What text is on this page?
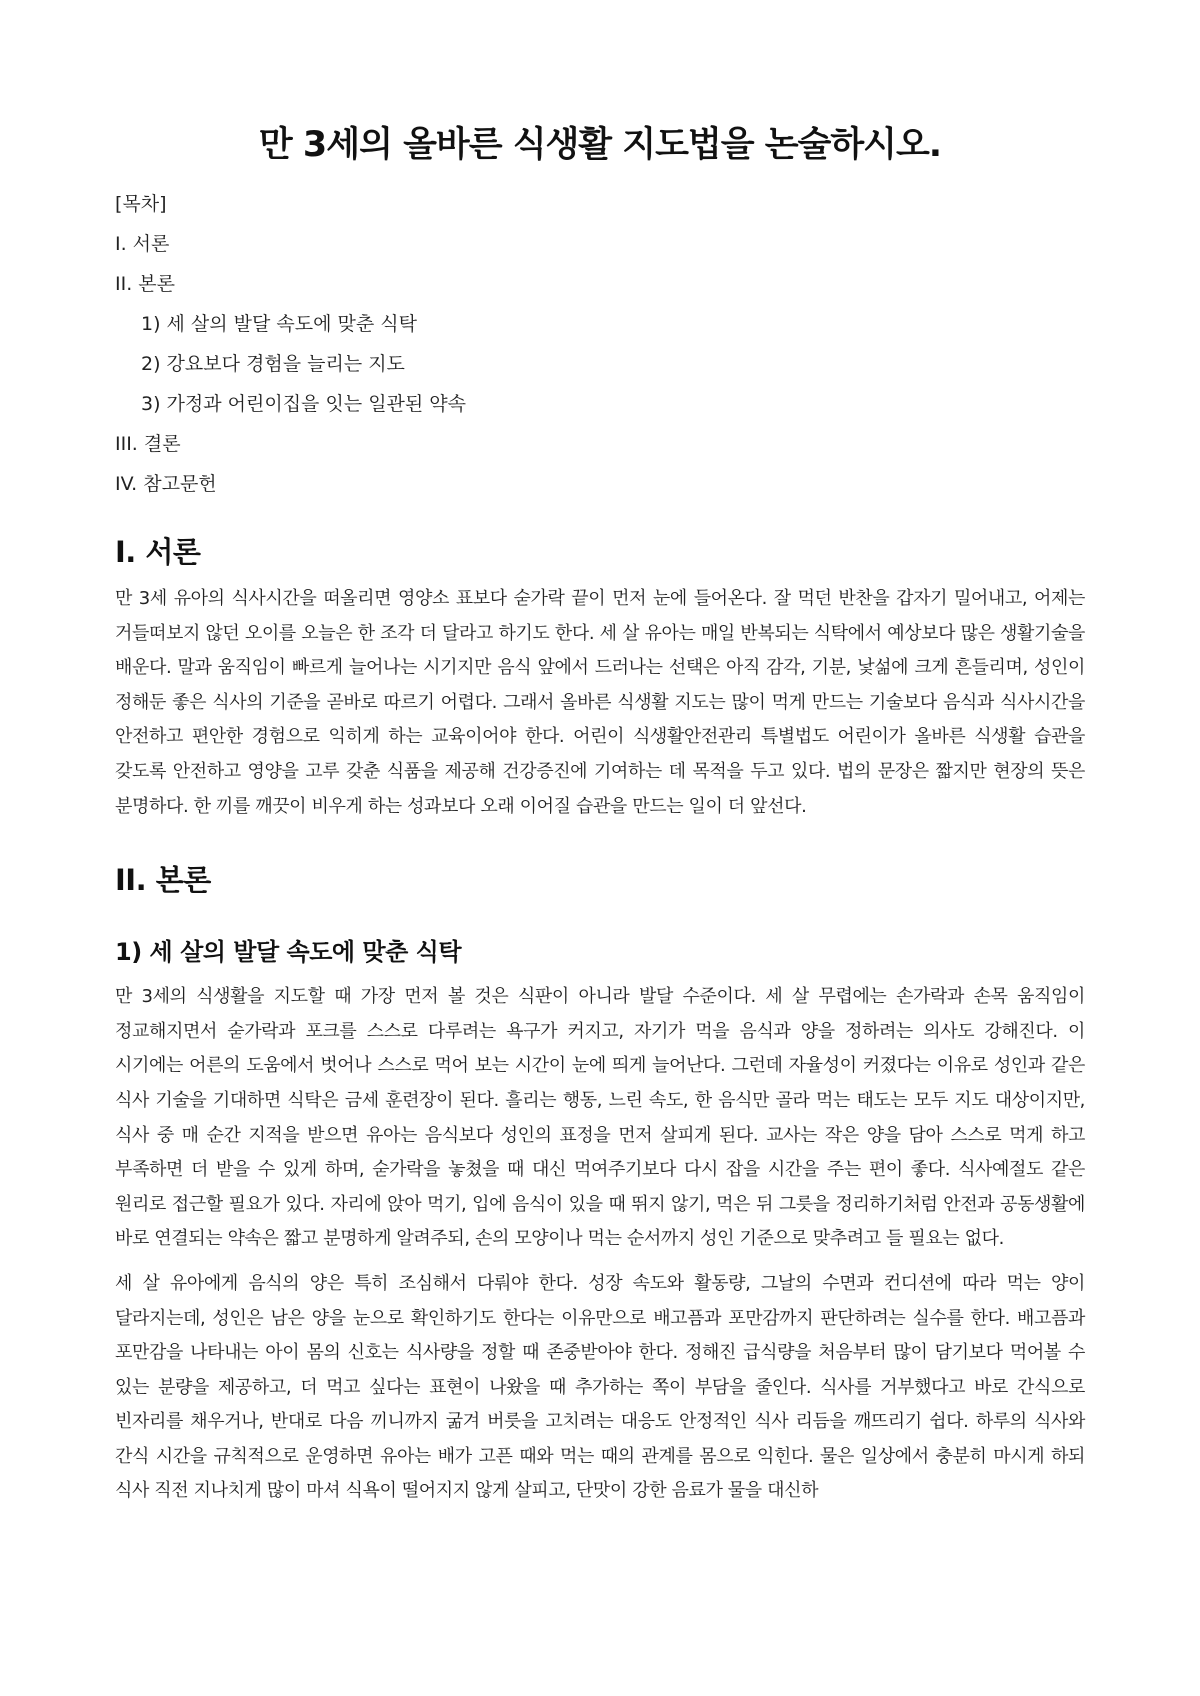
만 3세의 올바른 식생활 지도법을 논술하시오.
[목차]
I. 서론
II. 본론
1) 세 살의 발달 속도에 맞춘 식탁
2) 강요보다 경험을 늘리는 지도
3) 가정과 어린이집을 잇는 일관된 약속
III. 결론
IV. 참고문헌
I. 서론

만 3세 유아의 식사시간을 떠올리면 영양소 표보다 숟가락 끝이 먼저 눈에 들어온다. 잘 먹던 반찬을 갑자기 밀어내고, 어제는 거들떠보지 않던 오이를 오늘은 한 조각 더 달라고 하기도 한다. 세 살 유아는 매일 반복되는 식탁에서 예상보다 많은 생활기술을 배운다. 말과 움직임이 빠르게 늘어나는 시기지만 음식 앞에서 드러나는 선택은 아직 감각, 기분, 낯섦에 크게 흔들리며, 성인이 정해둔 좋은 식사의 기준을 곧바로 따르기 어렵다. 그래서 올바른 식생활 지도는 많이 먹게 만드는 기술보다 음식과 식사시간을 안전하고 편안한 경험으로 익히게 하는 교육이어야 한다. 어린이 식생활안전관리 특별법도 어린이가 올바른 식생활 습관을 갖도록 안전하고 영양을 고루 갖춘 식품을 제공해 건강증진에 기여하는 데 목적을 두고 있다. 법의 문장은 짧지만 현장의 뜻은 분명하다. 한 끼를 깨끗이 비우게 하는 성과보다 오래 이어질 습관을 만드는 일이 더 앞선다.

II. 본론
1) 세 살의 발달 속도에 맞춘 식탁

만 3세의 식생활을 지도할 때 가장 먼저 볼 것은 식판이 아니라 발달 수준이다. 세 살 무렵에는 손가락과 손목 움직임이 정교해지면서 숟가락과 포크를 스스로 다루려는 욕구가 커지고, 자기가 먹을 음식과 양을 정하려는 의사도 강해진다. 이 시기에는 어른의 도움에서 벗어나 스스로 먹어 보는 시간이 눈에 띄게 늘어난다. 그런데 자율성이 커졌다는 이유로 성인과 같은 식사 기술을 기대하면 식탁은 금세 훈련장이 된다. 흘리는 행동, 느린 속도, 한 음식만 골라 먹는 태도는 모두 지도 대상이지만, 식사 중 매 순간 지적을 받으면 유아는 음식보다 성인의 표정을 먼저 살피게 된다. 교사는 작은 양을 담아 스스로 먹게 하고 부족하면 더 받을 수 있게 하며, 숟가락을 놓쳤을 때 대신 먹여주기보다 다시 잡을 시간을 주는 편이 좋다. 식사예절도 같은 원리로 접근할 필요가 있다. 자리에 앉아 먹기, 입에 음식이 있을 때 뛰지 않기, 먹은 뒤 그릇을 정리하기처럼 안전과 공동생활에 바로 연결되는 약속은 짧고 분명하게 알려주되, 손의 모양이나 먹는 순서까지 성인 기준으로 맞추려고 들 필요는 없다.

세 살 유아에게 음식의 양은 특히 조심해서 다뤄야 한다. 성장 속도와 활동량, 그날의 수면과 컨디션에 따라 먹는 양이 달라지는데, 성인은 남은 양을 눈으로 확인하기도 한다는 이유만으로 배고픔과 포만감까지 판단하려는 실수를 한다. 배고픔과 포만감을 나타내는 아이 몸의 신호는 식사량을 정할 때 존중받아야 한다. 정해진 급식량을 처음부터 많이 담기보다 먹어볼 수 있는 분량을 제공하고, 더 먹고 싶다는 표현이 나왔을 때 추가하는 쪽이 부담을 줄인다. 식사를 거부했다고 바로 간식으로 빈자리를 채우거나, 반대로 다음 끼니까지 굶겨 버릇을 고치려는 대응도 안정적인 식사 리듬을 깨뜨리기 쉽다. 하루의 식사와 간식 시간을 규칙적으로 운영하면 유아는 배가 고픈 때와 먹는 때의 관계를 몸으로 익힌다. 물은 일상에서 충분히 마시게 하되 식사 직전 지나치게 많이 마셔 식욕이 떨어지지 않게 살피고, 단맛이 강한 음료가 물을 대신하
